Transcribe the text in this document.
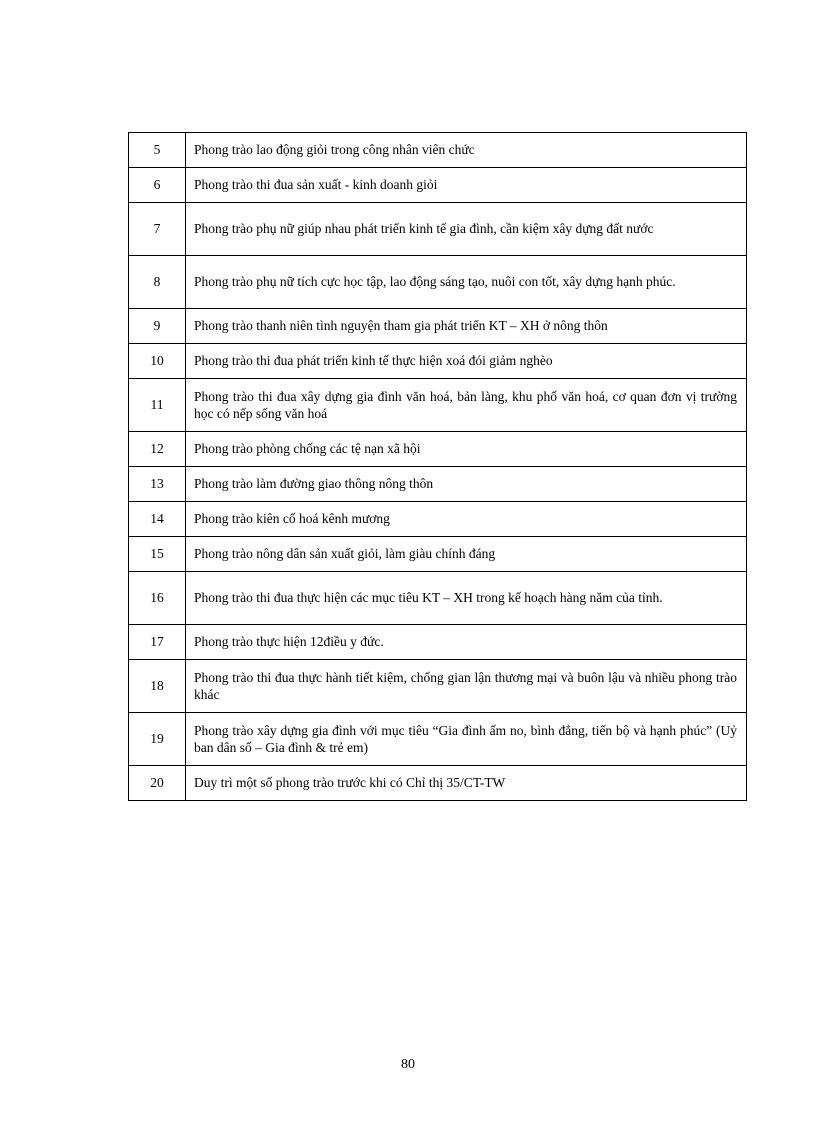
5	Phong trào lao động giỏi trong công nhân viên chức
6	Phong trào thi đua sản xuất - kinh doanh giỏi
7	Phong trào phụ nữ giúp nhau phát triển kinh tế gia đình, cần kiệm xây dựng đất nước
8	Phong trào phụ nữ tích cực học tập, lao động sáng tạo, nuôi con tốt, xây dựng hạnh phúc.
9	Phong trào thanh niên tình nguyện tham gia phát triển KT – XH ở nông thôn
10	Phong trào thi đua phát triển kinh tế thực hiện xoá đói giảm nghèo
11	Phong trào thi đua xây dựng gia đình văn hoá, bản làng, khu phố văn hoá, cơ quan đơn vị trường học có nếp sống văn hoá
12	Phong trào phòng chống các tệ nạn xã hội
13	Phong trào làm đường giao thông nông thôn
14	Phong trào kiên cố hoá kênh mương
15	Phong trào nông dân sản xuất giỏi, làm giàu chính đáng
16	Phong trào thi đua thực hiện các mục tiêu KT – XH trong kế hoạch hàng năm của tỉnh.
17	Phong trào thực hiện 12điều y đức.
18	Phong trào thi đua thực hành tiết kiệm, chống gian lận thương mại và buôn lậu và nhiều phong trào khác
19	Phong trào xây dựng gia đình với mục tiêu “Gia đình ấm no, bình đẳng, tiến bộ và hạnh phúc” (Uỷ ban dân số – Gia đình & trẻ em)
20	Duy trì một số phong trào trước khi có Chỉ thị 35/CT-TW
80
